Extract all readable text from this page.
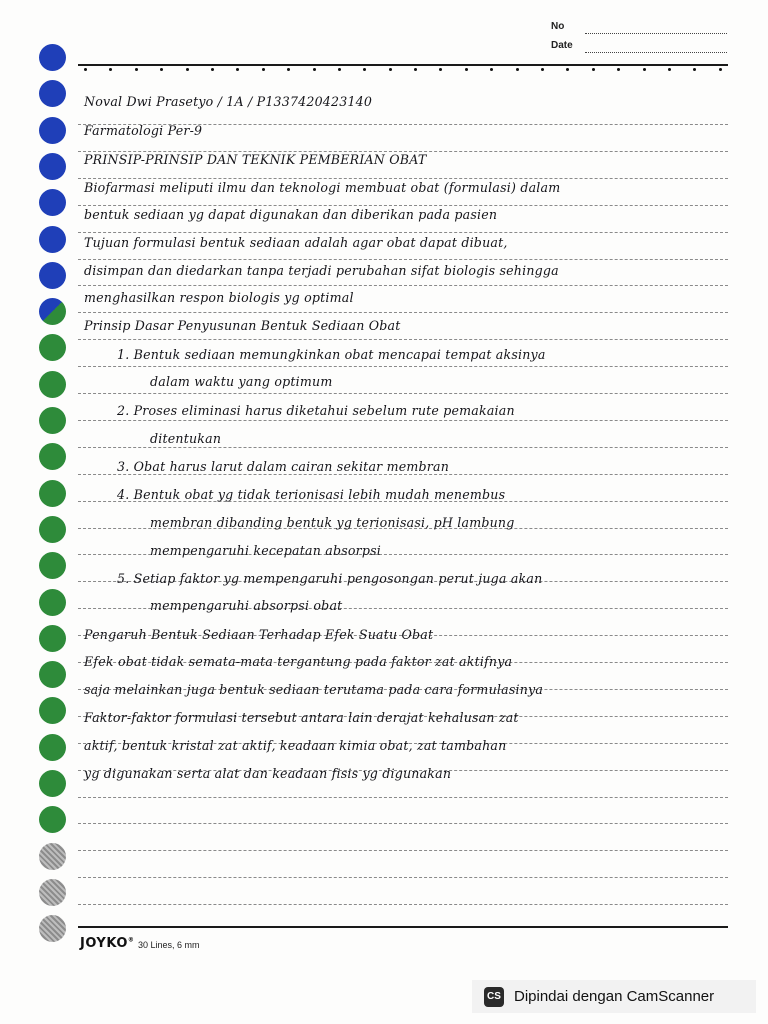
No
Date
Noval Dwi Prasetyo / 1A / P1337420423140
Farmatologi Per-9
PRINSIP-PRINSIP DAN TEKNIK PEMBERIAN OBAT
Biofarmasi meliputi ilmu dan teknologi membuat obat (formulasi) dalam
bentuk sediaan yg dapat digunakan dan diberikan pada pasien
Tujuan formulasi bentuk sediaan adalah agar obat dapat dibuat,
disimpan dan diedarkan tanpa terjadi perubahan sifat biologis sehingga
menghasilkan respon biologis yg optimal
Prinsip Dasar Penyusunan Bentuk Sediaan Obat
1. Bentuk sediaan memungkinkan obat mencapai tempat aksinya
dalam waktu yang optimum
2. Proses eliminasi harus diketahui sebelum rute pemakaian
ditentukan
3. Obat harus larut dalam cairan sekitar membran
4. Bentuk obat yg tidak terionisasi lebih mudah menembus
membran dibanding bentuk yg terionisasi, pH lambung
mempengaruhi kecepatan absorpsi
5. Setiap faktor yg mempengaruhi pengosongan perut juga akan
mempengaruhi absorpsi obat
Pengaruh Bentuk Sediaan Terhadap Efek Suatu Obat
Efek obat tidak semata-mata tergantung pada faktor zat aktifnya
saja melainkan juga bentuk sediaan terutama pada cara formulasinya
Faktor-faktor formulasi tersebut antara lain derajat kehalusan zat
aktif, bentuk kristal zat aktif, keadaan kimia obat, zat tambahan
yg digunakan serta alat dan keadaan fisis yg digunakan
JOYKO® 30 Lines, 6 mm
CS Dipindai dengan CamScanner
